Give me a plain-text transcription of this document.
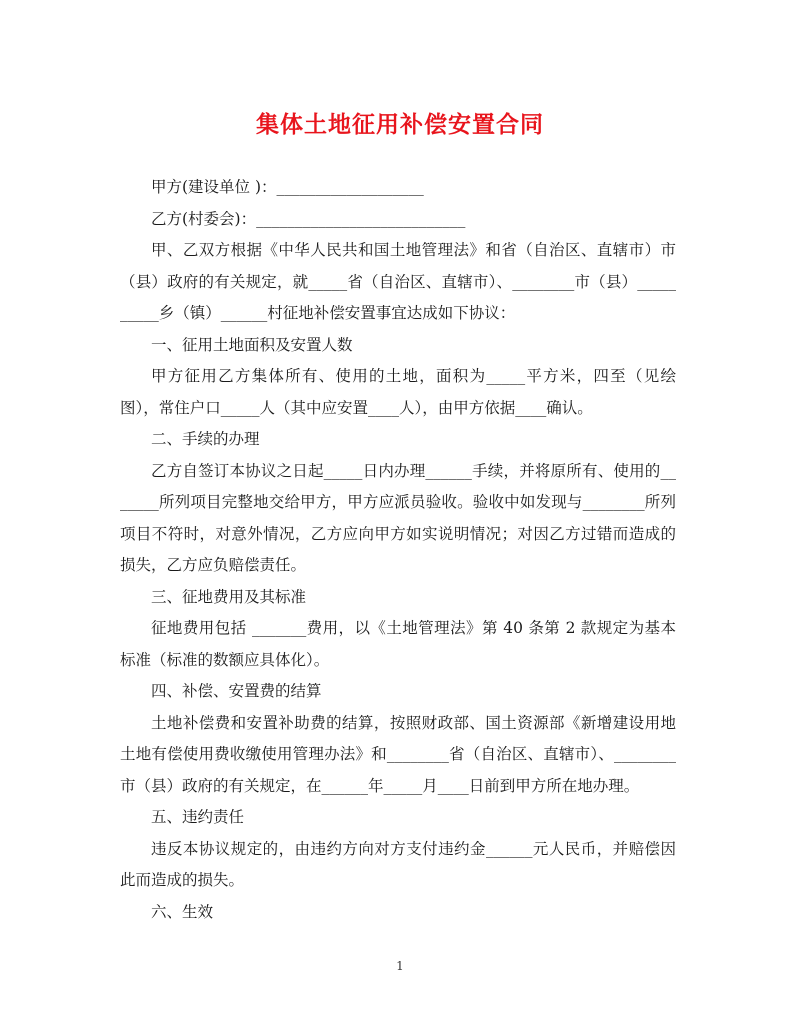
集体土地征用补偿安置合同

甲方(建设单位 )：___________________

乙方(村委会)：___________________________

甲、乙双方根据《中华人民共和国土地管理法》和省（自治区、直辖市）市（县）政府的有关规定，就_____省（自治区、直辖市）、________市（县）__________乡（镇）______村征地补偿安置事宜达成如下协议：

一、征用土地面积及安置人数

甲方征用乙方集体所有、使用的土地，面积为_____平方米，四至（见绘图），常住户口_____人（其中应安置____人），由甲方依据____确认。

二、手续的办理

乙方自签订本协议之日起_____日内办理______手续，并将原所有、使用的_______所列项目完整地交给甲方，甲方应派员验收。验收中如发现与________所列项目不符时，对意外情况，乙方应向甲方如实说明情况；对因乙方过错而造成的损失，乙方应负赔偿责任。

三、征地费用及其标准

征地费用包括 _______费用，以《土地管理法》第 40 条第 2 款规定为基本标准（标准的数额应具体化）。

四、补偿、安置费的结算

土地补偿费和安置补助费的结算，按照财政部、国土资源部《新增建设用地土地有偿使用费收缴使用管理办法》和________省（自治区、直辖市）、________市（县）政府的有关规定，在______年_____月____日前到甲方所在地办理。

五、违约责任

违反本协议规定的，由违约方向对方支付违约金______元人民币，并赔偿因此而造成的损失。

六、生效

1
